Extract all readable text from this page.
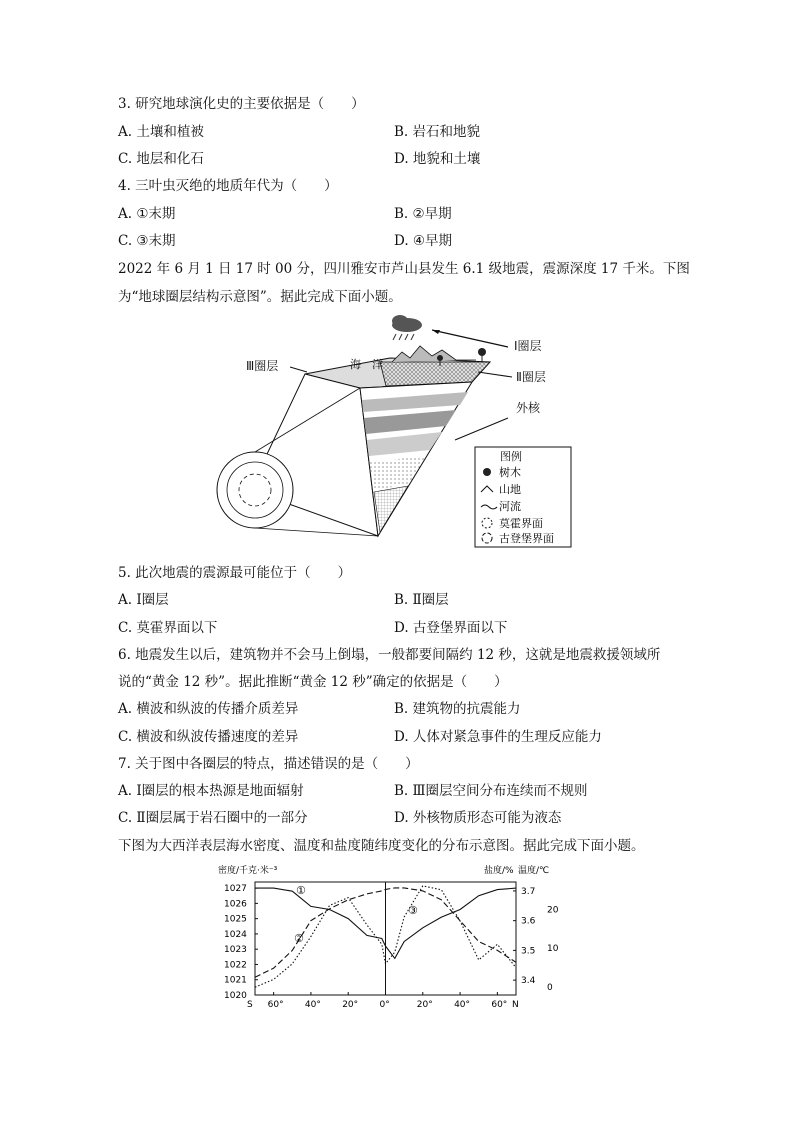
3. 研究地球演化史的主要依据是（　　）
A. 土壤和植被	B. 岩石和地貌
C. 地层和化石	D. 地貌和土壤
4. 三叶虫灭绝的地质年代为（　　）
A. ①末期	B. ②早期
C. ③末期	D. ④早期
2022 年 6 月 1 日 17 时 00 分，四川雅安市芦山县发生 6.1 级地震，震源深度 17 千米。下图
为“地球圈层结构示意图”。据此完成下面小题。
Ⅰ圈层
海　洋
Ⅲ圈层
Ⅱ圈层
外核
图例
树木
山地
河流
莫霍界面
古登堡界面
5. 此次地震的震源最可能位于（　　）
A. Ⅰ圈层	B. Ⅱ圈层
C. 莫霍界面以下	D. 古登堡界面以下
6. 地震发生以后，建筑物并不会马上倒塌，一般都要间隔约 12 秒，这就是地震救援领域所
说的“黄金 12 秒”。据此推断“黄金 12 秒”确定的依据是（　　）
A. 横波和纵波的传播介质差异	B. 建筑物的抗震能力
C. 横波和纵波传播速度的差异	D. 人体对紧急事件的生理反应能力
7. 关于图中各圈层的特点，描述错误的是（　　）
A. Ⅰ圈层的根本热源是地面辐射	B. Ⅲ圈层空间分布连续而不规则
C. Ⅱ圈层属于岩石圈中的一部分	D. 外核物质形态可能为液态
下图为大西洋表层海水密度、温度和盐度随纬度变化的分布示意图。据此完成下面小题。
密度/千克·米⁻³	盐度/% 温度/℃
1027
1026
1025
1024
1023
1022
1021
1020
3.7
3.6
3.5
3.4
20
10
0
S 60° 40° 20° 0°	20° 40° 60° N
①
②
③
